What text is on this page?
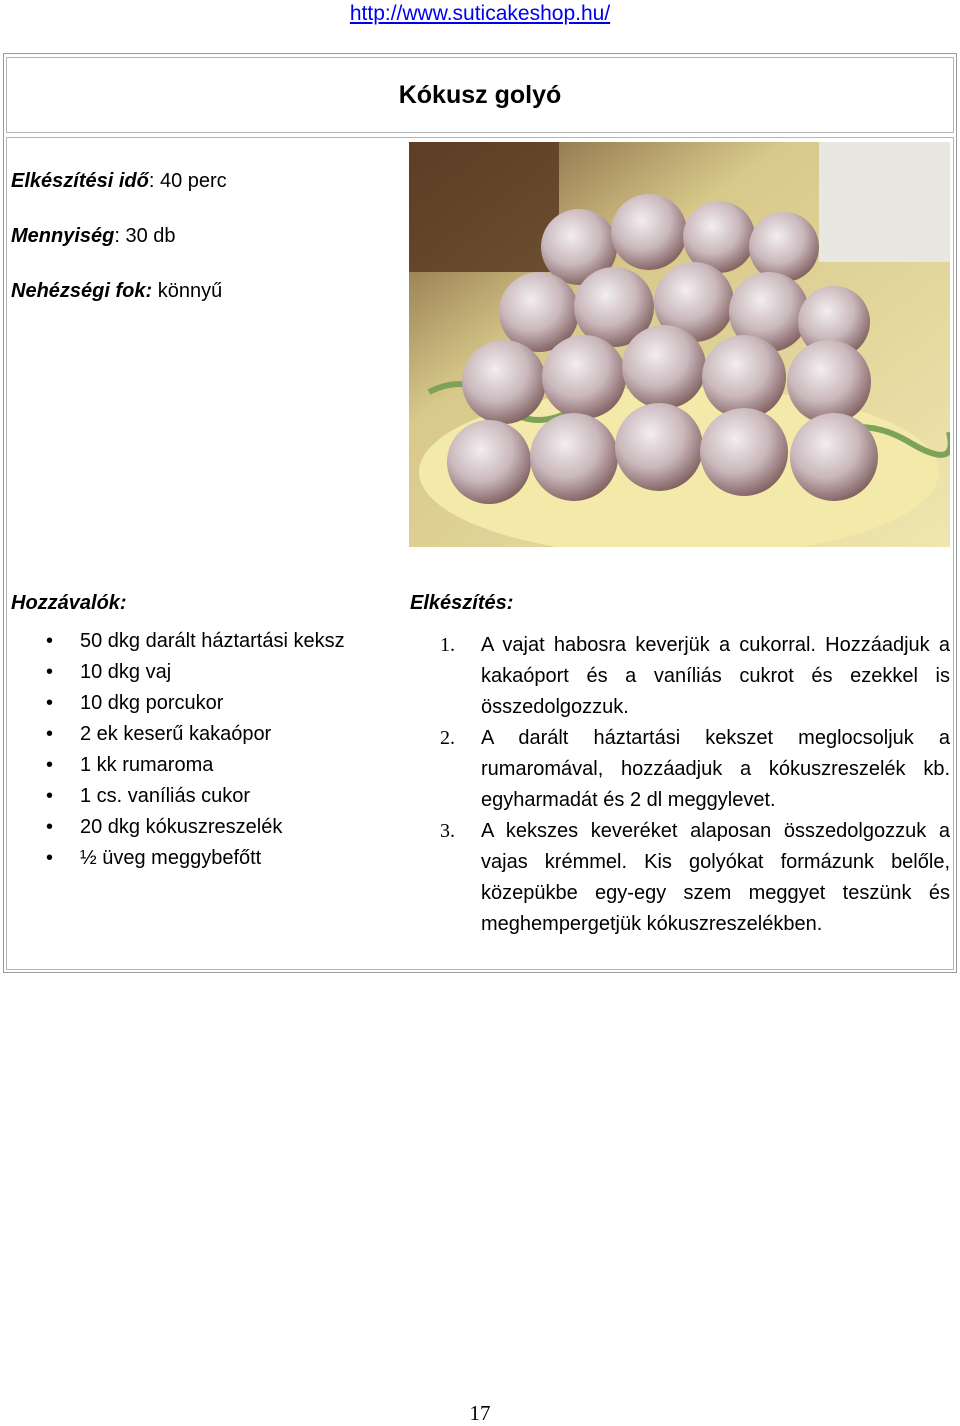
http://www.suticakeshop.hu/
Kókusz golyó
Elkészítési idő: 40 perc
Mennyiség: 30 db
Nehézségi fok: könnyű
Hozzávalók:	Elkészítés:
• 50 dkg darált háztartási keksz
• 10 dkg vaj
• 10 dkg porcukor
• 2 ek keserű kakaópor
• 1 kk rumaroma
• 1 cs. vaníliás cukor
• 20 dkg kókuszreszelék
• ½ üveg meggybefőtt
1.	A vajat habosra keverjük a cukorral. Hozzáadjuk a kakaóport és a vaníliás cukrot és ezekkel is összedolgozzuk.
2.	A darált háztartási kekszet meglocsoljuk a rumaromával, hozzáadjuk a kókuszreszelék kb. egyharmadát és 2 dl meggylevet.
3.	A kekszes keveréket alaposan összedolgozzuk a vajas krémmel. Kis golyókat formázunk belőle, közepükbe egy-egy szem meggyet teszünk és meghempergetjük kókuszreszelékben.
17
